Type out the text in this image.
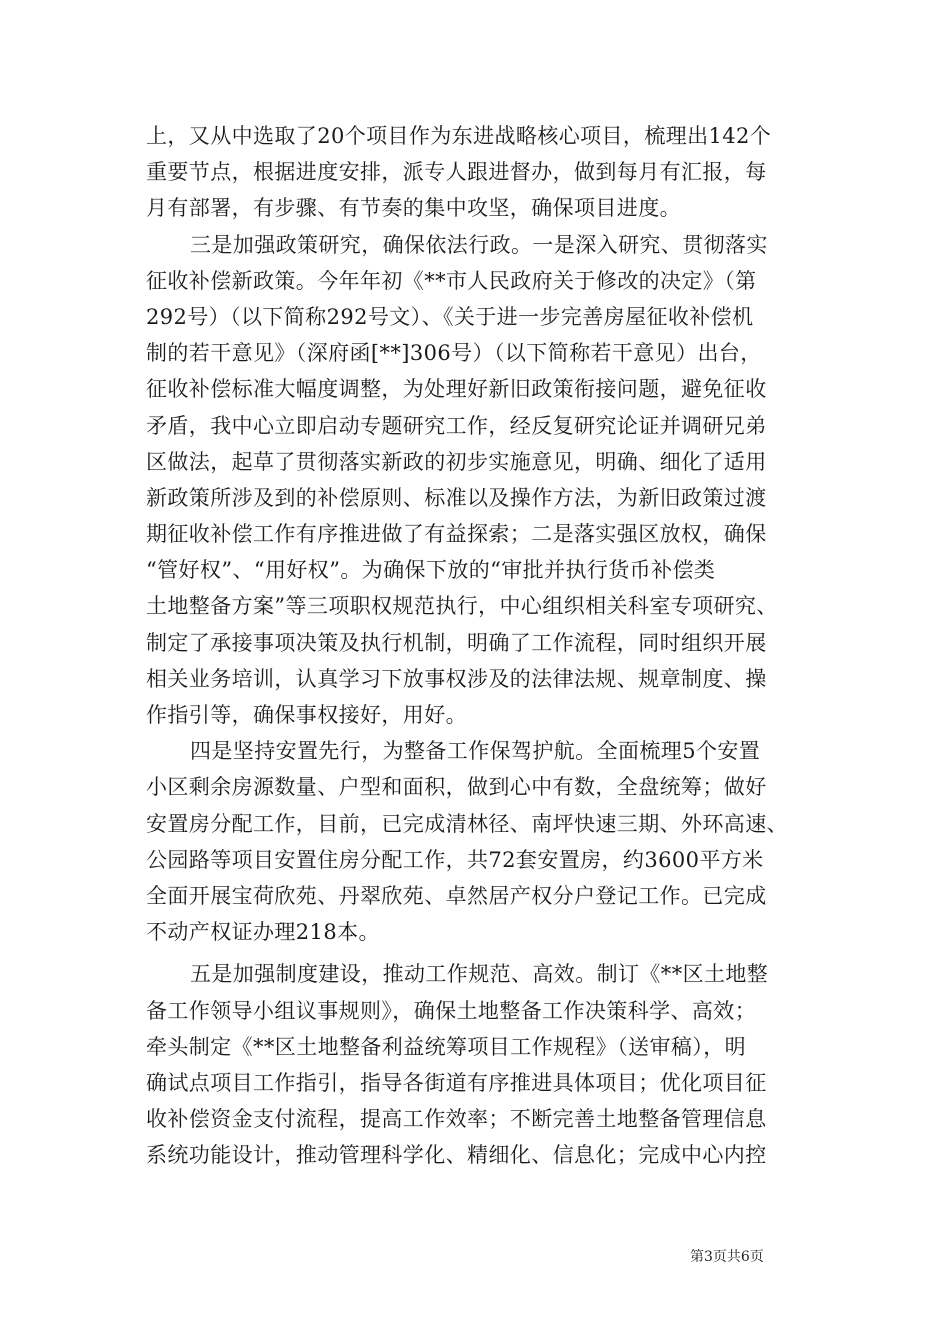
上，又从中选取了20个项目作为东进战略核心项目，梳理出142个
重要节点，根据进度安排，派专人跟进督办，做到每月有汇报，每
月有部署，有步骤、有节奏的集中攻坚，确保项目进度。
三是加强政策研究，确保依法行政。一是深入研究、贯彻落实
征收补偿新政策。今年年初《**市人民政府关于修改的决定》（第
292号）（以下简称292号文）、《关于进一步完善房屋征收补偿机
制的若干意见》（深府函[**]306号）（以下简称若干意见）出台，
征收补偿标准大幅度调整，为处理好新旧政策衔接问题，避免征收
矛盾，我中心立即启动专题研究工作，经反复研究论证并调研兄弟
区做法，起草了贯彻落实新政的初步实施意见，明确、细化了适用
新政策所涉及到的补偿原则、标准以及操作方法，为新旧政策过渡
期征收补偿工作有序推进做了有益探索；二是落实强区放权，确保
“管好权”、“用好权”。为确保下放的“审批并执行货币补偿类
土地整备方案”等三项职权规范执行，中心组织相关科室专项研究、
制定了承接事项决策及执行机制，明确了工作流程，同时组织开展
相关业务培训，认真学习下放事权涉及的法律法规、规章制度、操
作指引等，确保事权接好，用好。
四是坚持安置先行，为整备工作保驾护航。全面梳理5个安置
小区剩余房源数量、户型和面积，做到心中有数，全盘统筹；做好
安置房分配工作，目前，已完成清林径、南坪快速三期、外环高速、
公园路等项目安置住房分配工作，共72套安置房，约3600平方米
全面开展宝荷欣苑、丹翠欣苑、卓然居产权分户登记工作。已完成
不动产权证办理218本。
五是加强制度建设，推动工作规范、高效。制订《**区土地整
备工作领导小组议事规则》，确保土地整备工作决策科学、高效；
牵头制定《**区土地整备利益统筹项目工作规程》（送审稿），明
确试点项目工作指引，指导各街道有序推进具体项目；优化项目征
收补偿资金支付流程，提高工作效率；不断完善土地整备管理信息
系统功能设计，推动管理科学化、精细化、信息化；完成中心内控
第3页共6页
